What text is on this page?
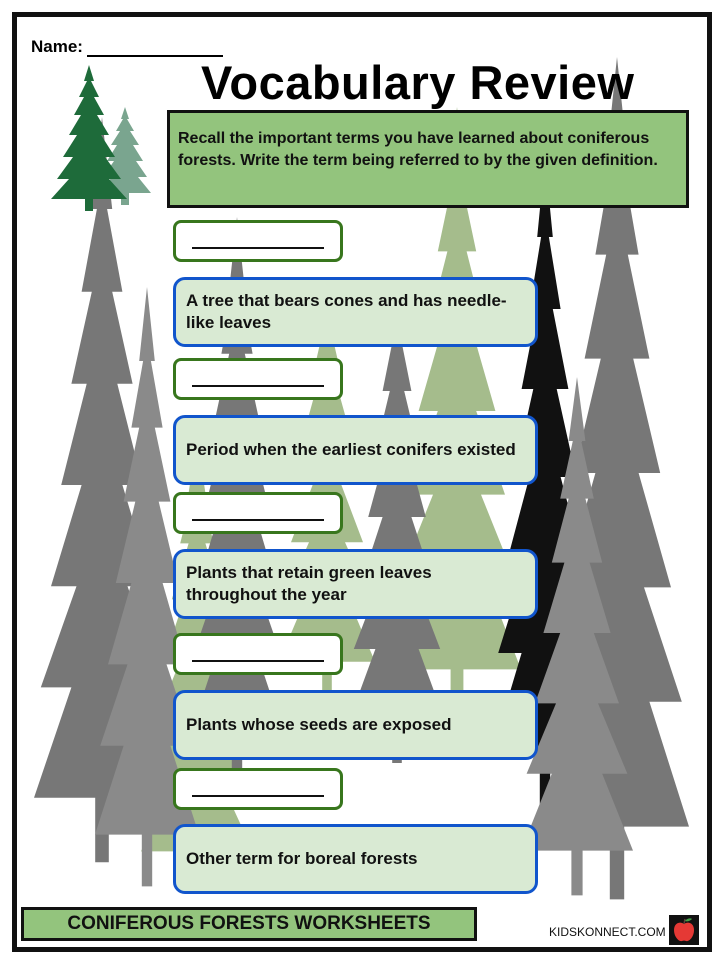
Name:
Vocabulary Review
Recall the important terms you have learned about coniferous forests. Write the term being referred to by the given definition.
A tree that bears cones and has needle-like leaves
Period when the earliest conifers existed
Plants that retain green leaves throughout the year
Plants whose seeds are exposed
Other term for boreal forests
CONIFEROUS FORESTS WORKSHEETS	KIDSKONNECT.COM
